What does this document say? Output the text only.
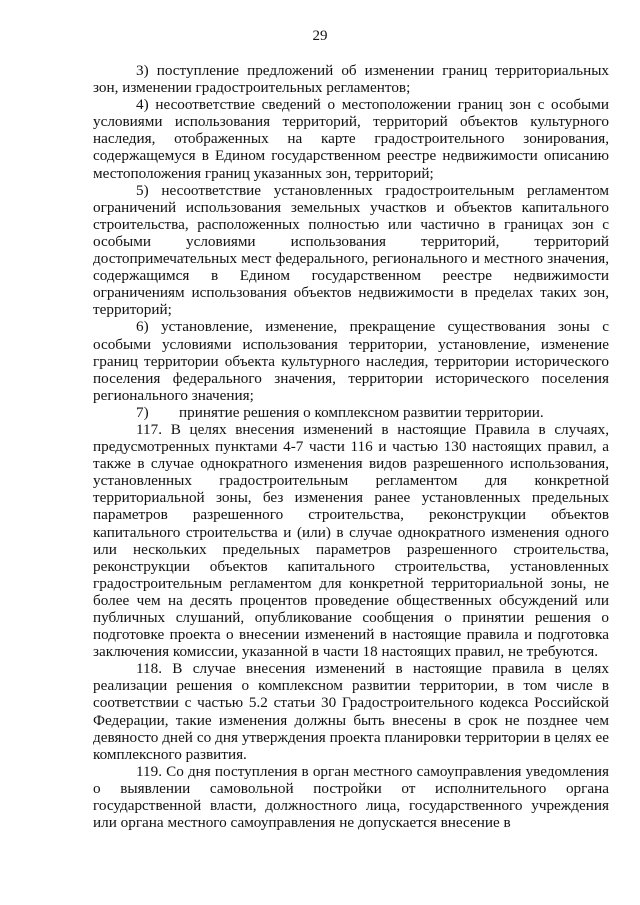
29

3) поступление предложений об изменении границ территориальных зон, изменении градостроительных регламентов;

4) несоответствие сведений о местоположении границ зон с особыми условиями использования территорий, территорий объектов культурного наследия, отображенных на карте градостроительного зонирования, содержащемуся в Едином государственном реестре недвижимости описанию местоположения границ указанных зон, территорий;

5) несоответствие установленных градостроительным регламентом ограничений использования земельных участков и объектов капитального строительства, расположенных полностью или частично в границах зон с особыми условиями использования территорий, территорий достопримечательных мест федерального, регионального и местного значения, содержащимся в Едином государственном реестре недвижимости ограничениям использования объектов недвижимости в пределах таких зон, территорий;

6) установление, изменение, прекращение существования зоны с особыми условиями использования территории, установление, изменение границ территории объекта культурного наследия, территории исторического поселения федерального значения, территории исторического поселения регионального значения;

7)        принятие решения о комплексном развитии территории.

117. В целях внесения изменений в настоящие Правила в случаях, предусмотренных пунктами 4-7 части 116 и частью 130 настоящих правил, а также в случае однократного изменения видов разрешенного использования, установленных градостроительным регламентом для конкретной территориальной зоны, без изменения ранее установленных предельных параметров разрешенного строительства, реконструкции объектов капитального строительства и (или) в случае однократного изменения одного или нескольких предельных параметров разрешенного строительства, реконструкции объектов капитального строительства, установленных градостроительным регламентом для конкретной территориальной зоны, не более чем на десять процентов проведение общественных обсуждений или публичных слушаний, опубликование сообщения о принятии решения о подготовке проекта о внесении изменений в настоящие правила и подготовка заключения комиссии, указанной в части 18 настоящих правил, не требуются.

118. В случае внесения изменений в настоящие правила в целях реализации решения о комплексном развитии территории, в том числе в соответствии с частью 5.2 статьи 30 Градостроительного кодекса Российской Федерации, такие изменения должны быть внесены в срок не позднее чем девяносто дней со дня утверждения проекта планировки территории в целях ее комплексного развития.

119. Со дня поступления в орган местного самоуправления уведомления о выявлении самовольной постройки от исполнительного органа государственной власти, должностного лица, государственного учреждения или органа местного самоуправления не допускается внесение в
